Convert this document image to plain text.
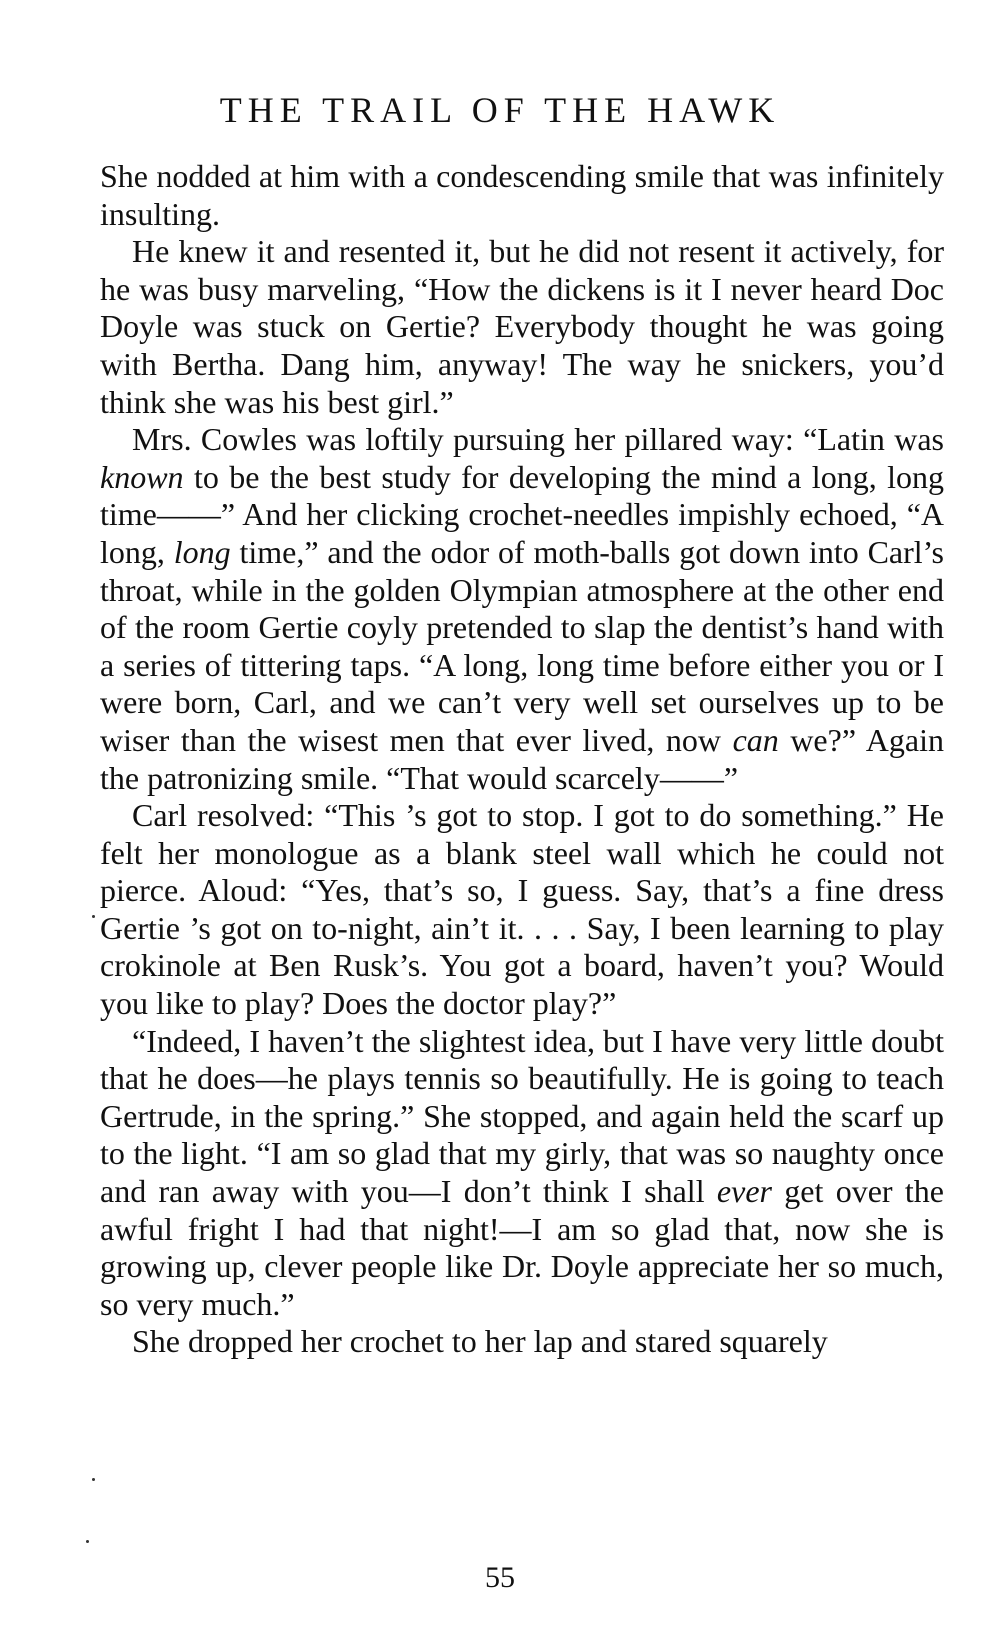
THE TRAIL OF THE HAWK

She nodded at him with a condescending smile that was infinitely insulting.

He knew it and resented it, but he did not resent it actively, for he was busy marveling, “How the dickens is it I never heard Doc Doyle was stuck on Gertie? Everybody thought he was going with Bertha. Dang him, anyway! The way he snickers, you’d think she was his best girl.”

Mrs. Cowles was loftily pursuing her pillared way: “Latin was known to be the best study for developing the mind a long, long time——” And her clicking crochet-needles impishly echoed, “A long, long time,” and the odor of moth-balls got down into Carl’s throat, while in the golden Olympian atmosphere at the other end of the room Gertie coyly pretended to slap the dentist’s hand with a series of tittering taps. “A long, long time before either you or I were born, Carl, and we can’t very well set ourselves up to be wiser than the wisest men that ever lived, now can we?” Again the patronizing smile. “That would scarcely——”

Carl resolved: “This ’s got to stop. I got to do something.” He felt her monologue as a blank steel wall which he could not pierce. Aloud: “Yes, that’s so, I guess. Say, that’s a fine dress Gertie ’s got on to-night, ain’t it. . . . Say, I been learning to play crokinole at Ben Rusk’s. You got a board, haven’t you? Would you like to play? Does the doctor play?”

“Indeed, I haven’t the slightest idea, but I have very little doubt that he does—he plays tennis so beautifully. He is going to teach Gertrude, in the spring.” She stopped, and again held the scarf up to the light. “I am so glad that my girly, that was so naughty once and ran away with you—I don’t think I shall ever get over the awful fright I had that night!—I am so glad that, now she is growing up, clever people like Dr. Doyle appreciate her so much, so very much.”

She dropped her crochet to her lap and stared squarely

55
